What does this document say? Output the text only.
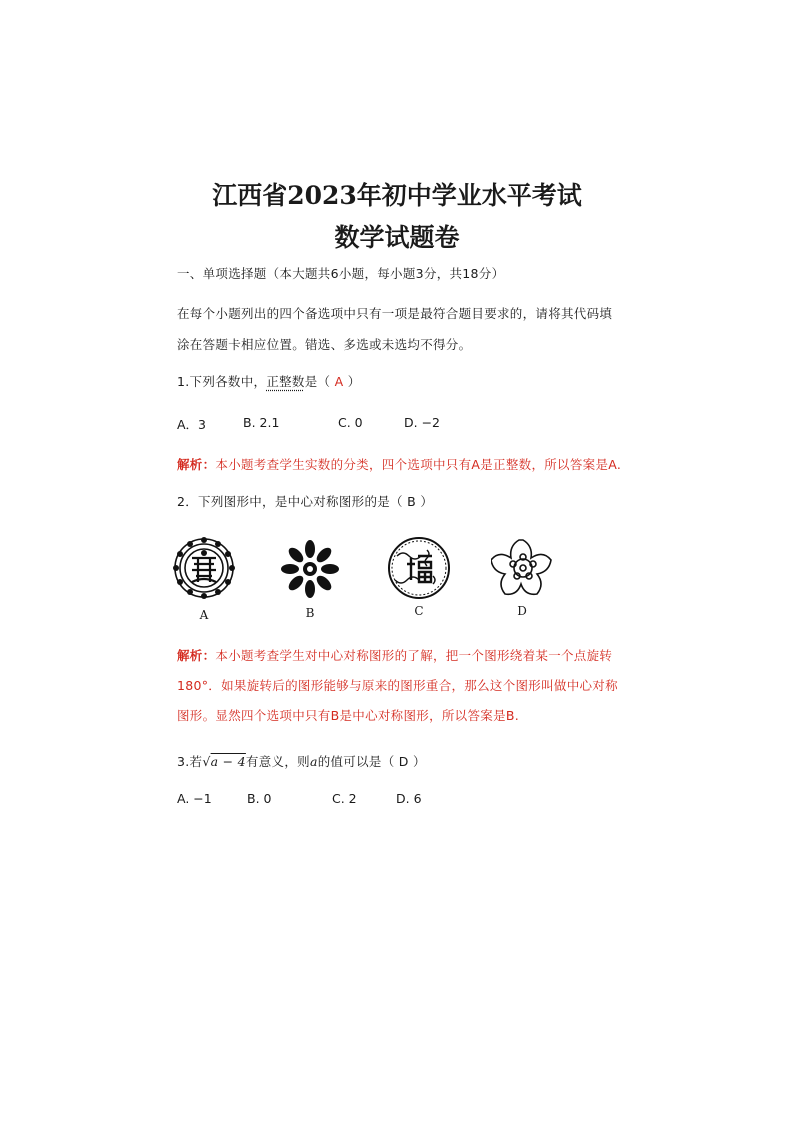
江西省2023年初中学业水平考试
数学试题卷
一、单项选择题（本大题共6小题，每小题3分，共18分）
在每个小题列出的四个备选项中只有一项是最符合题目要求的，请将其代码填
涂在答题卡相应位置。错选、多选或未选均不得分。
1.下列各数中，正整数是（ A ）
A．3	B. 2.1	C. 0	D. −2
解析：本小题考查学生实数的分类，四个选项中只有A是正整数，所以答案是A.
2．下列图形中，是中心对称图形的是（ B ）
A	B	C	D
解析：本小题考查学生对中心对称图形的了解，把一个图形绕着某一个点旋转
180°．如果旋转后的图形能够与原来的图形重合，那么这个图形叫做中心对称
图形。显然四个选项中只有B是中心对称图形，所以答案是B.
3.若√a − 4有意义，则a的值可以是（ D ）
A. −1	B. 0	C. 2	D. 6
